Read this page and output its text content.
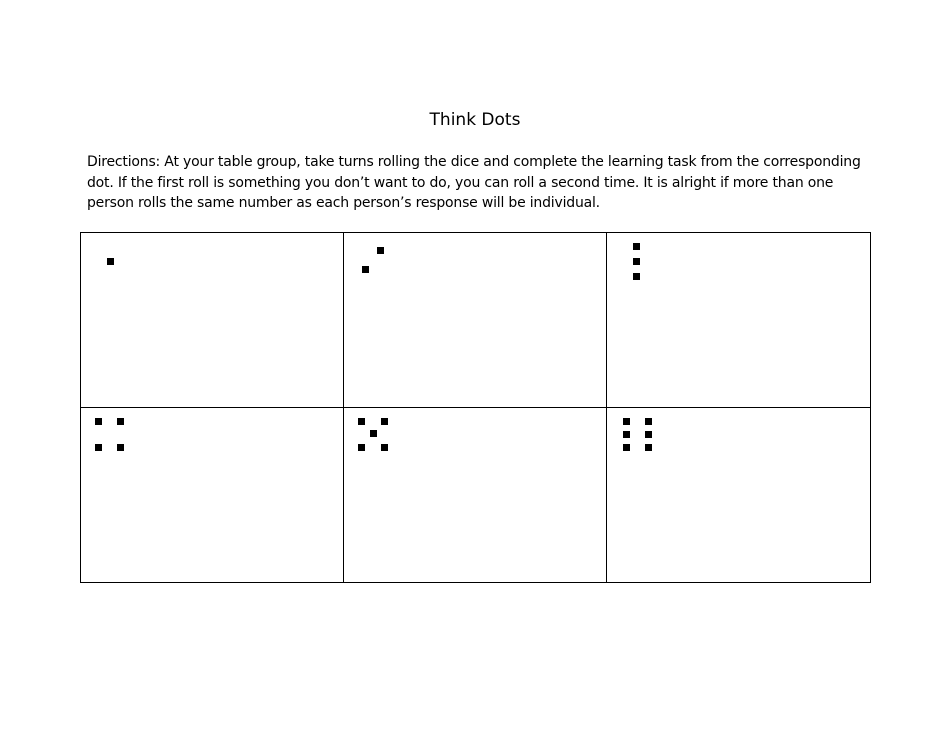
Think Dots
Directions: At your table group, take turns rolling the dice and complete the learning task from the corresponding dot. If the first roll is something you don’t want to do, you can roll a second time. It is alright if more than one person rolls the same number as each person’s response will be individual.
